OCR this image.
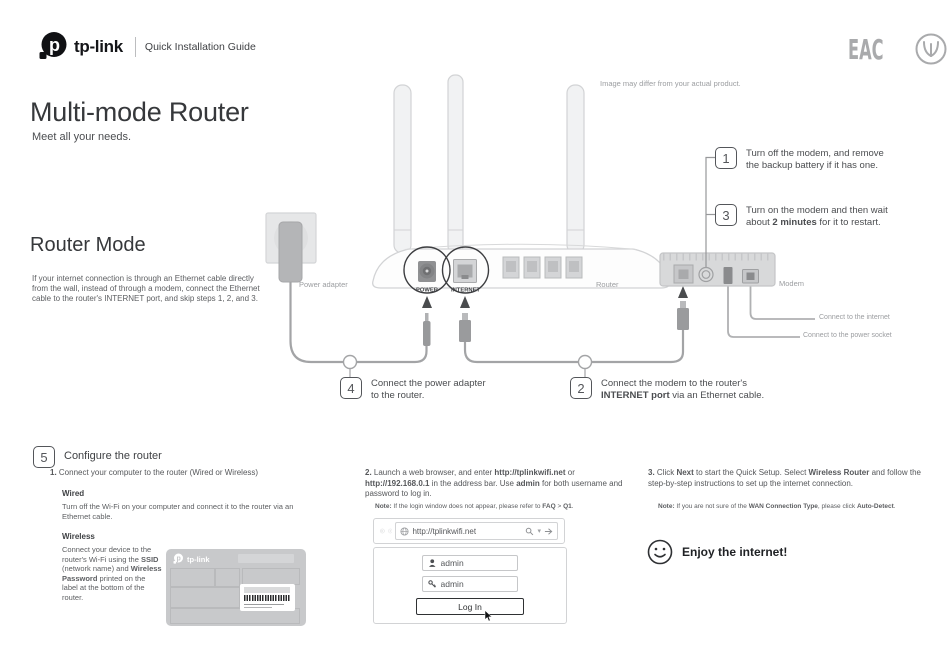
p tp-link Quick Installation Guide	EAC
Multi-mode Router

Meet all your needs.

Image may differ from your actual product.

Router Mode

If your internet connection is through an Ethernet cable directly from the wall, instead of through a modem, connect the Ethernet cable to the router's INTERNET port, and skip steps 1, 2, and 3.

POWER INTERNET
Power adapter	Router	Modem
Connect to the internet
Connect to the power socket
1	Turn off the modem, and remove
the backup battery if it has one.
3	Turn on the modem and then wait
about 2 minutes for it to restart.
4	Connect the power adapter
to the router.	2	Connect the modem to the router's
INTERNET port via an Ethernet cable.
5	Configure the router

1. Connect your computer to the router (Wired or Wireless)

Wired

Turn off the Wi-Fi on your computer and connect it to the router via an Ethernet cable.

Wireless

Connect your device to the router's Wi-Fi using the SSID (network name) and Wireless Password printed on the label at the bottom of the router.

p tp-link

2. Launch a web browser, and enter http://tplinkwifi.net or http://192.168.0.1 in the address bar. Use admin for both username and password to log in.

Note: If the login window does not appear, please refer to FAQ > Q1.

http://tplinkwifi.net
▾
admin
admin
Log In

3. Click Next to start the Quick Setup. Select Wireless Router and follow the step-by-step instructions to set up the internet connection.

Note: If you are not sure of the WAN Connection Type, please click Auto-Detect.

Enjoy the internet!
